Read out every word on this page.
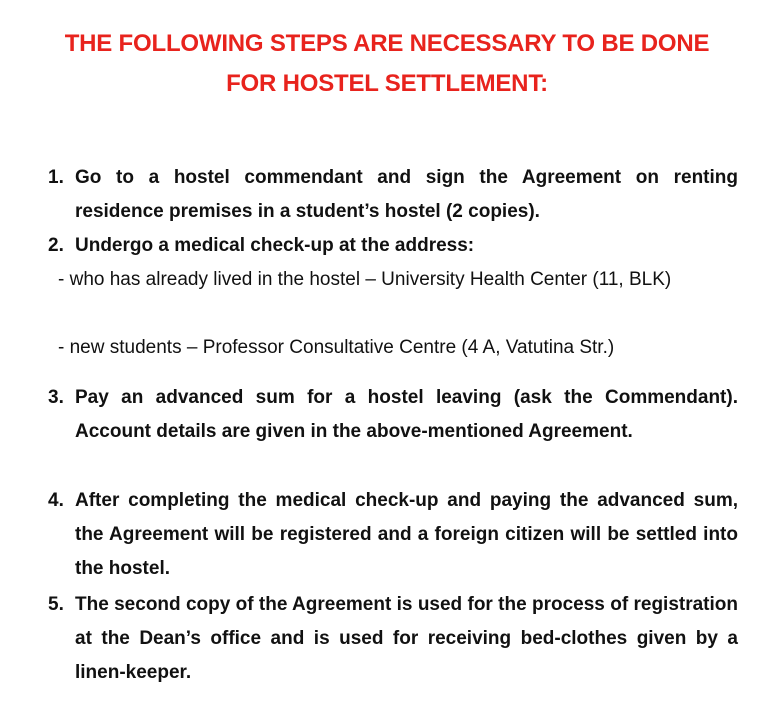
THE FOLLOWING STEPS ARE NECESSARY TO BE DONE
FOR HOSTEL SETTLEMENT:
1. Go to a hostel commendant and sign the Agreement on renting residence premises in a student’s hostel (2 copies).
2. Undergo a medical check-up at the address:
- who has already lived in the hostel – University Health Center (11, BLK)
- new students – Professor Consultative Centre (4 A, Vatutina Str.)
3. Pay an advanced sum for a hostel leaving (ask the Commendant). Account details are given in the above-mentioned Agreement.
4. After completing the medical check-up and paying the advanced sum, the Agreement will be registered and a foreign citizen will be settled into the hostel.
5. The second copy of the Agreement is used for the process of registration at the Dean’s office and is used for receiving bed-clothes given by a linen-keeper.
